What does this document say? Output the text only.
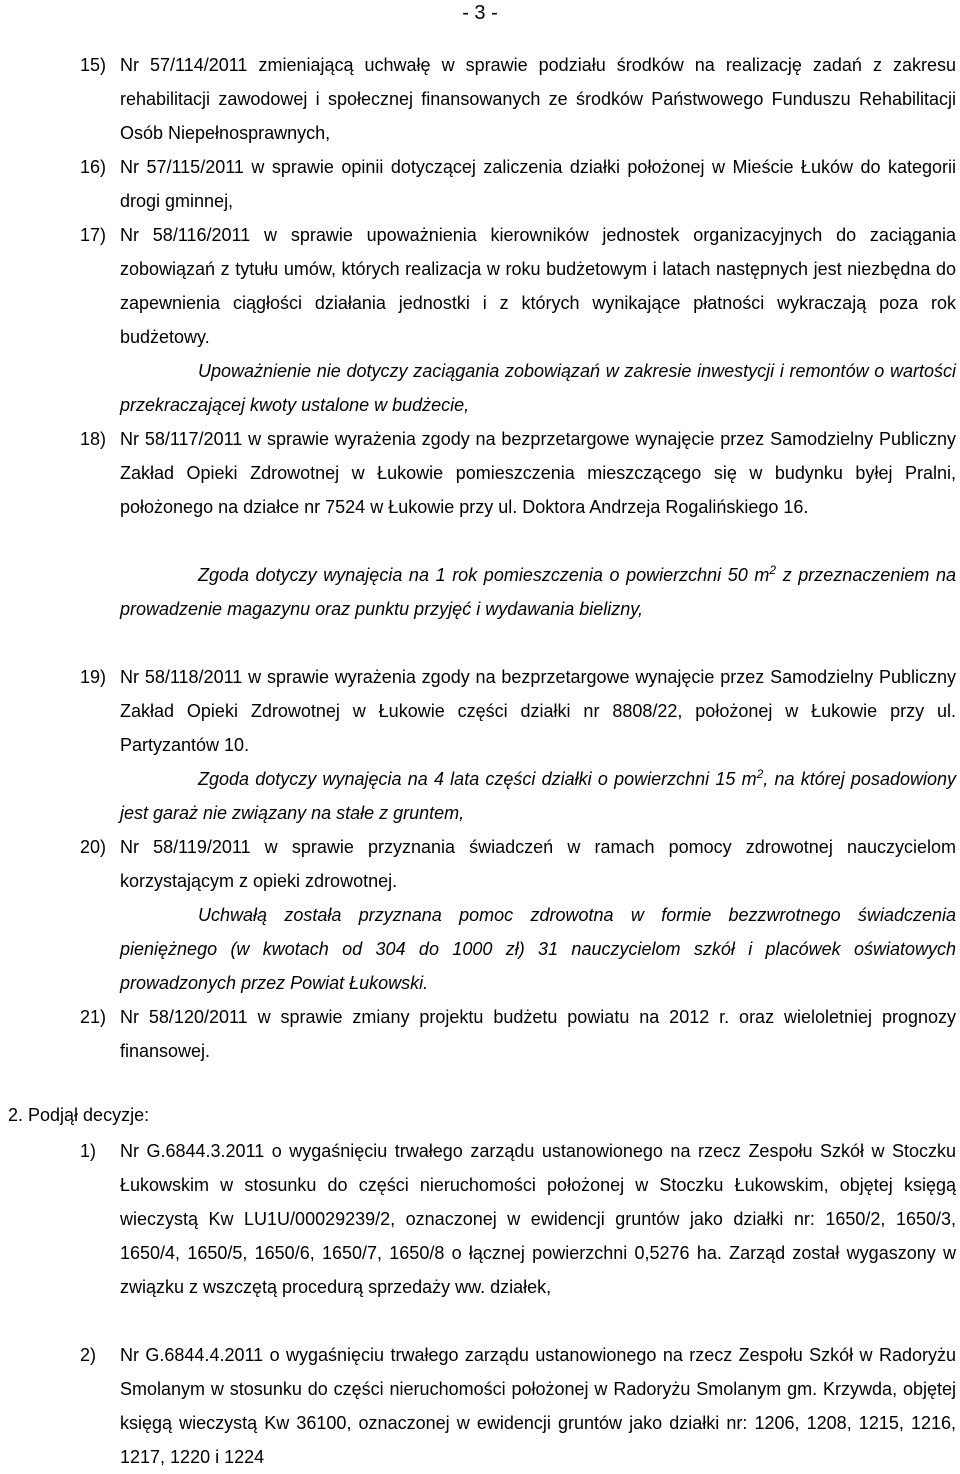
- 3 -
15) Nr 57/114/2011 zmieniającą uchwałę w sprawie podziału środków na realizację zadań z zakresu rehabilitacji zawodowej i społecznej finansowanych ze środków Państwowego Funduszu Rehabilitacji Osób Niepełnosprawnych,
16) Nr 57/115/2011 w sprawie opinii dotyczącej zaliczenia działki położonej w Mieście Łuków do kategorii drogi gminnej,
17) Nr 58/116/2011 w sprawie upoważnienia kierowników jednostek organizacyjnych do zaciągania zobowiązań z tytułu umów, których realizacja w roku budżetowym i latach następnych jest niezbędna do zapewnienia ciągłości działania jednostki i z których wynikające płatności wykraczają poza rok budżetowy.
Upoważnienie nie dotyczy zaciągania zobowiązań w zakresie inwestycji i remontów o wartości przekraczającej kwoty ustalone w budżecie,
18) Nr 58/117/2011 w sprawie wyrażenia zgody na bezprzetargowe wynajęcie przez Samodzielny Publiczny Zakład Opieki Zdrowotnej w Łukowie pomieszczenia mieszczącego się w budynku byłej Pralni, położonego na działce nr 7524 w Łukowie przy ul. Doktora Andrzeja Rogalińskiego 16.
Zgoda dotyczy wynajęcia na 1 rok pomieszczenia o powierzchni 50 $m^2$ z przeznaczeniem na prowadzenie magazynu oraz punktu przyjęć i wydawania bielizny,
19) Nr 58/118/2011 w sprawie wyrażenia zgody na bezprzetargowe wynajęcie przez Samodzielny Publiczny Zakład Opieki Zdrowotnej w Łukowie części działki nr 8808/22, położonej w Łukowie przy ul. Partyzantów 10.
Zgoda dotyczy wynajęcia na 4 lata części działki o powierzchni 15 $m^2$, na której posadowiony jest garaż nie związany na stałe z gruntem,
20) Nr 58/119/2011 w sprawie przyznania świadczeń w ramach pomocy zdrowotnej nauczycielom korzystającym z opieki zdrowotnej.
Uchwałą została przyznana pomoc zdrowotna w formie bezzwrotnego świadczenia pieniężnego (w kwotach od 304 do 1000 zł) 31 nauczycielom szkół i placówek oświatowych prowadzonych przez Powiat Łukowski.
21) Nr 58/120/2011 w sprawie zmiany projektu budżetu powiatu na 2012 r. oraz wieloletniej prognozy finansowej.
2. Podjął decyzje:
1) Nr G.6844.3.2011 o wygaśnięciu trwałego zarządu ustanowionego na rzecz Zespołu Szkół w Stoczku Łukowskim w stosunku do części nieruchomości położonej w Stoczku Łukowskim, objętej księgą wieczystą Kw LU1U/00029239/2, oznaczonej w ewidencji gruntów jako działki nr: 1650/2, 1650/3, 1650/4, 1650/5, 1650/6, 1650/7, 1650/8 o łącznej powierzchni 0,5276 ha. Zarząd został wygaszony w związku z wszczętą procedurą sprzedaży ww. działek,
2) Nr G.6844.4.2011 o wygaśnięciu trwałego zarządu ustanowionego na rzecz Zespołu Szkół w Radoryżu Smolanym w stosunku do części nieruchomości położonej w Radoryżu Smolanym gm. Krzywda, objętej księgą wieczystą Kw 36100, oznaczonej w ewidencji gruntów jako działki nr: 1206, 1208, 1215, 1216, 1217, 1220 i 1224
